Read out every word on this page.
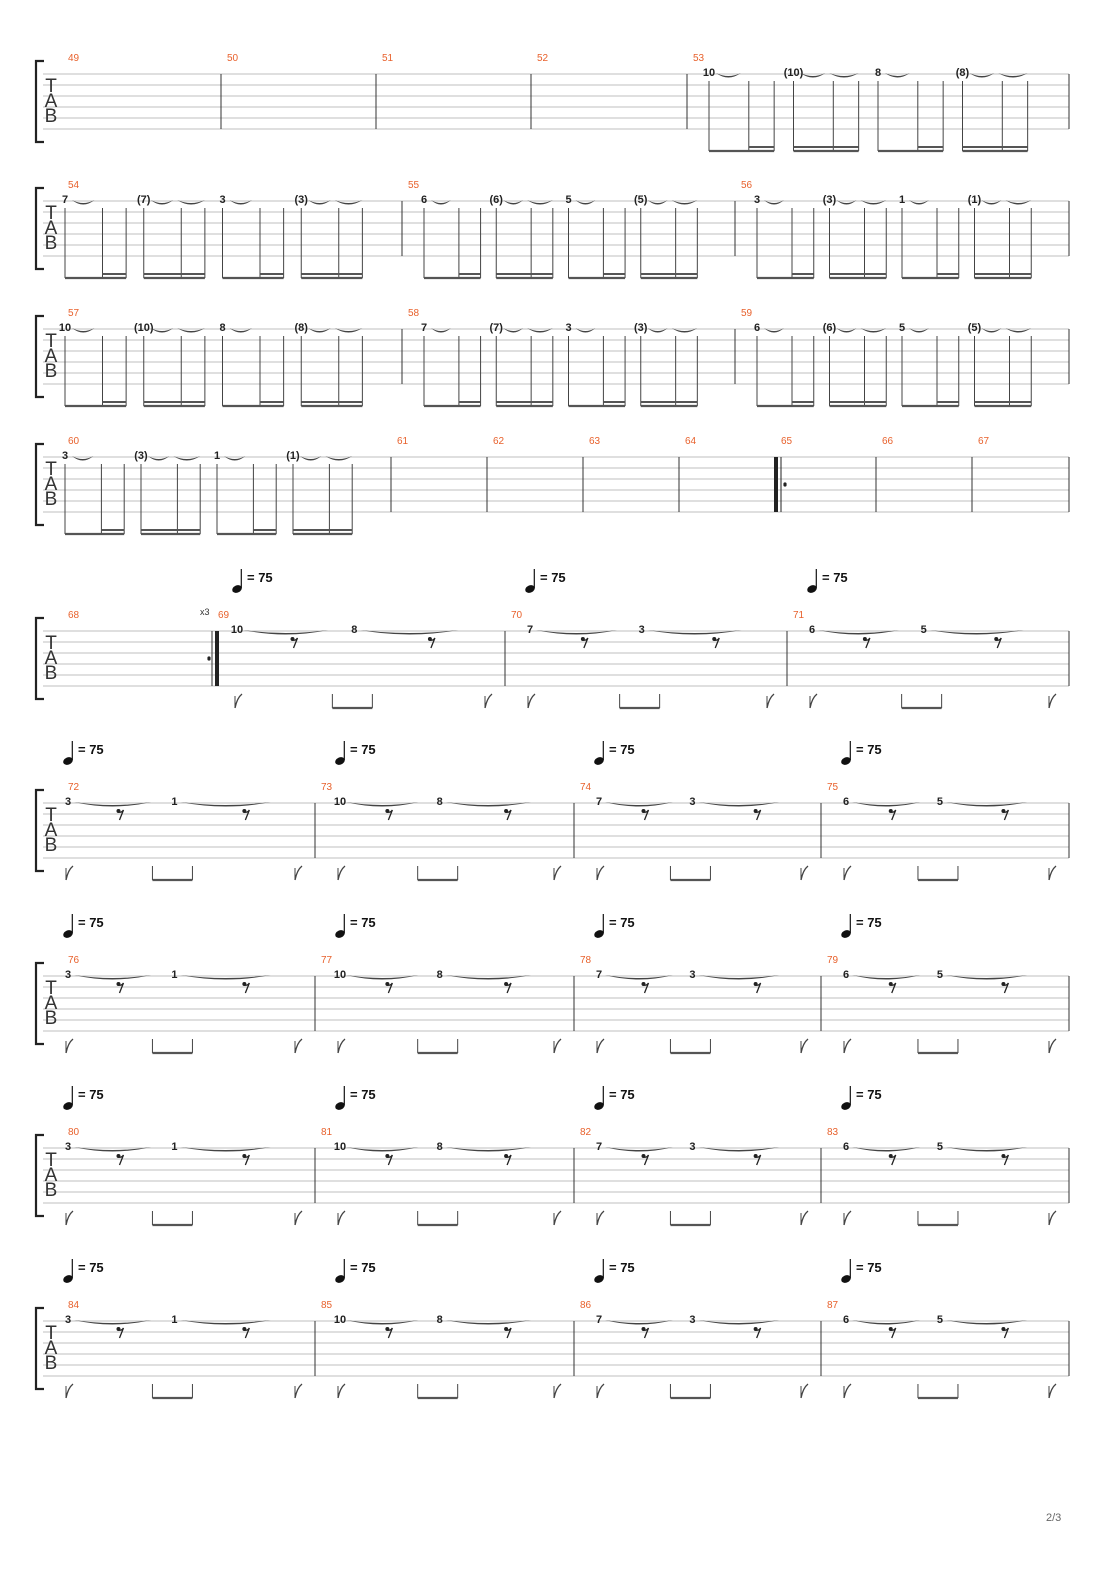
T
A
B
49	50	51	52	53
10	(10)	8	(8)
T
A
B
54
7	(7)	3	(3)
55
6	(6)	5	(5)
56
3	(3)	1	(1)
T
A
B
57
10	(10)	8	(8)
58
7	(7)	3	(3)
59
6	(6)	5	(5)
T
A
B
60
3	(3)	1	(1)
61	62	63	64	65	66	67
T
A
B
68	x3 69
= 75
10	8
70
= 75
7	3
71
= 75
6	5
T
A
B
72
= 75
3	1
73
= 75
10	8
74
= 75
7	3
75
= 75
6	5
T
A
B
76
= 75
3	1
77
= 75
10	8
78
= 75
7	3
79
= 75
6	5
T
A
B
80
= 75
3	1
81
= 75
10	8
82
= 75
7	3
83
= 75
6	5
T
A
B
84
= 75
3	1
85
= 75
10	8
86
= 75
7	3
87
= 75
6	5
2/3
